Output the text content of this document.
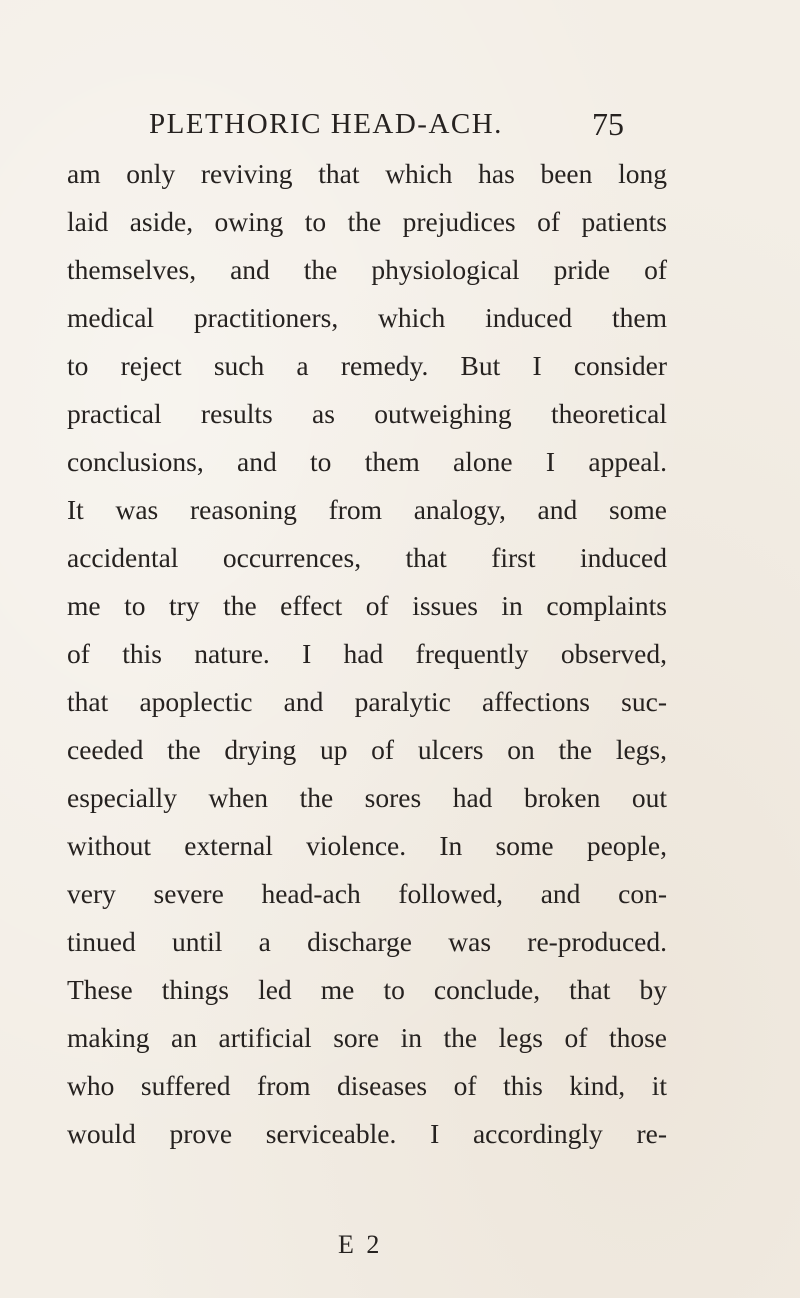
PLETHORIC HEAD-ACH.	75
am only reviving that which has been long
laid aside, owing to the prejudices of patients
themselves, and the physiological pride of
medical practitioners, which induced them
to reject such a remedy. But I consider
practical results as outweighing theoretical
conclusions, and to them alone I appeal.
It was reasoning from analogy, and some
accidental occurrences, that first induced
me to try the effect of issues in complaints
of this nature. I had frequently observed,
that apoplectic and paralytic affections suc-
ceeded the drying up of ulcers on the legs,
especially when the sores had broken out
without external violence. In some people,
very severe head-ach followed, and con-
tinued until a discharge was re-produced.
These things led me to conclude, that by
making an artificial sore in the legs of those
who suffered from diseases of this kind, it
would prove serviceable. I accordingly re-
E 2
